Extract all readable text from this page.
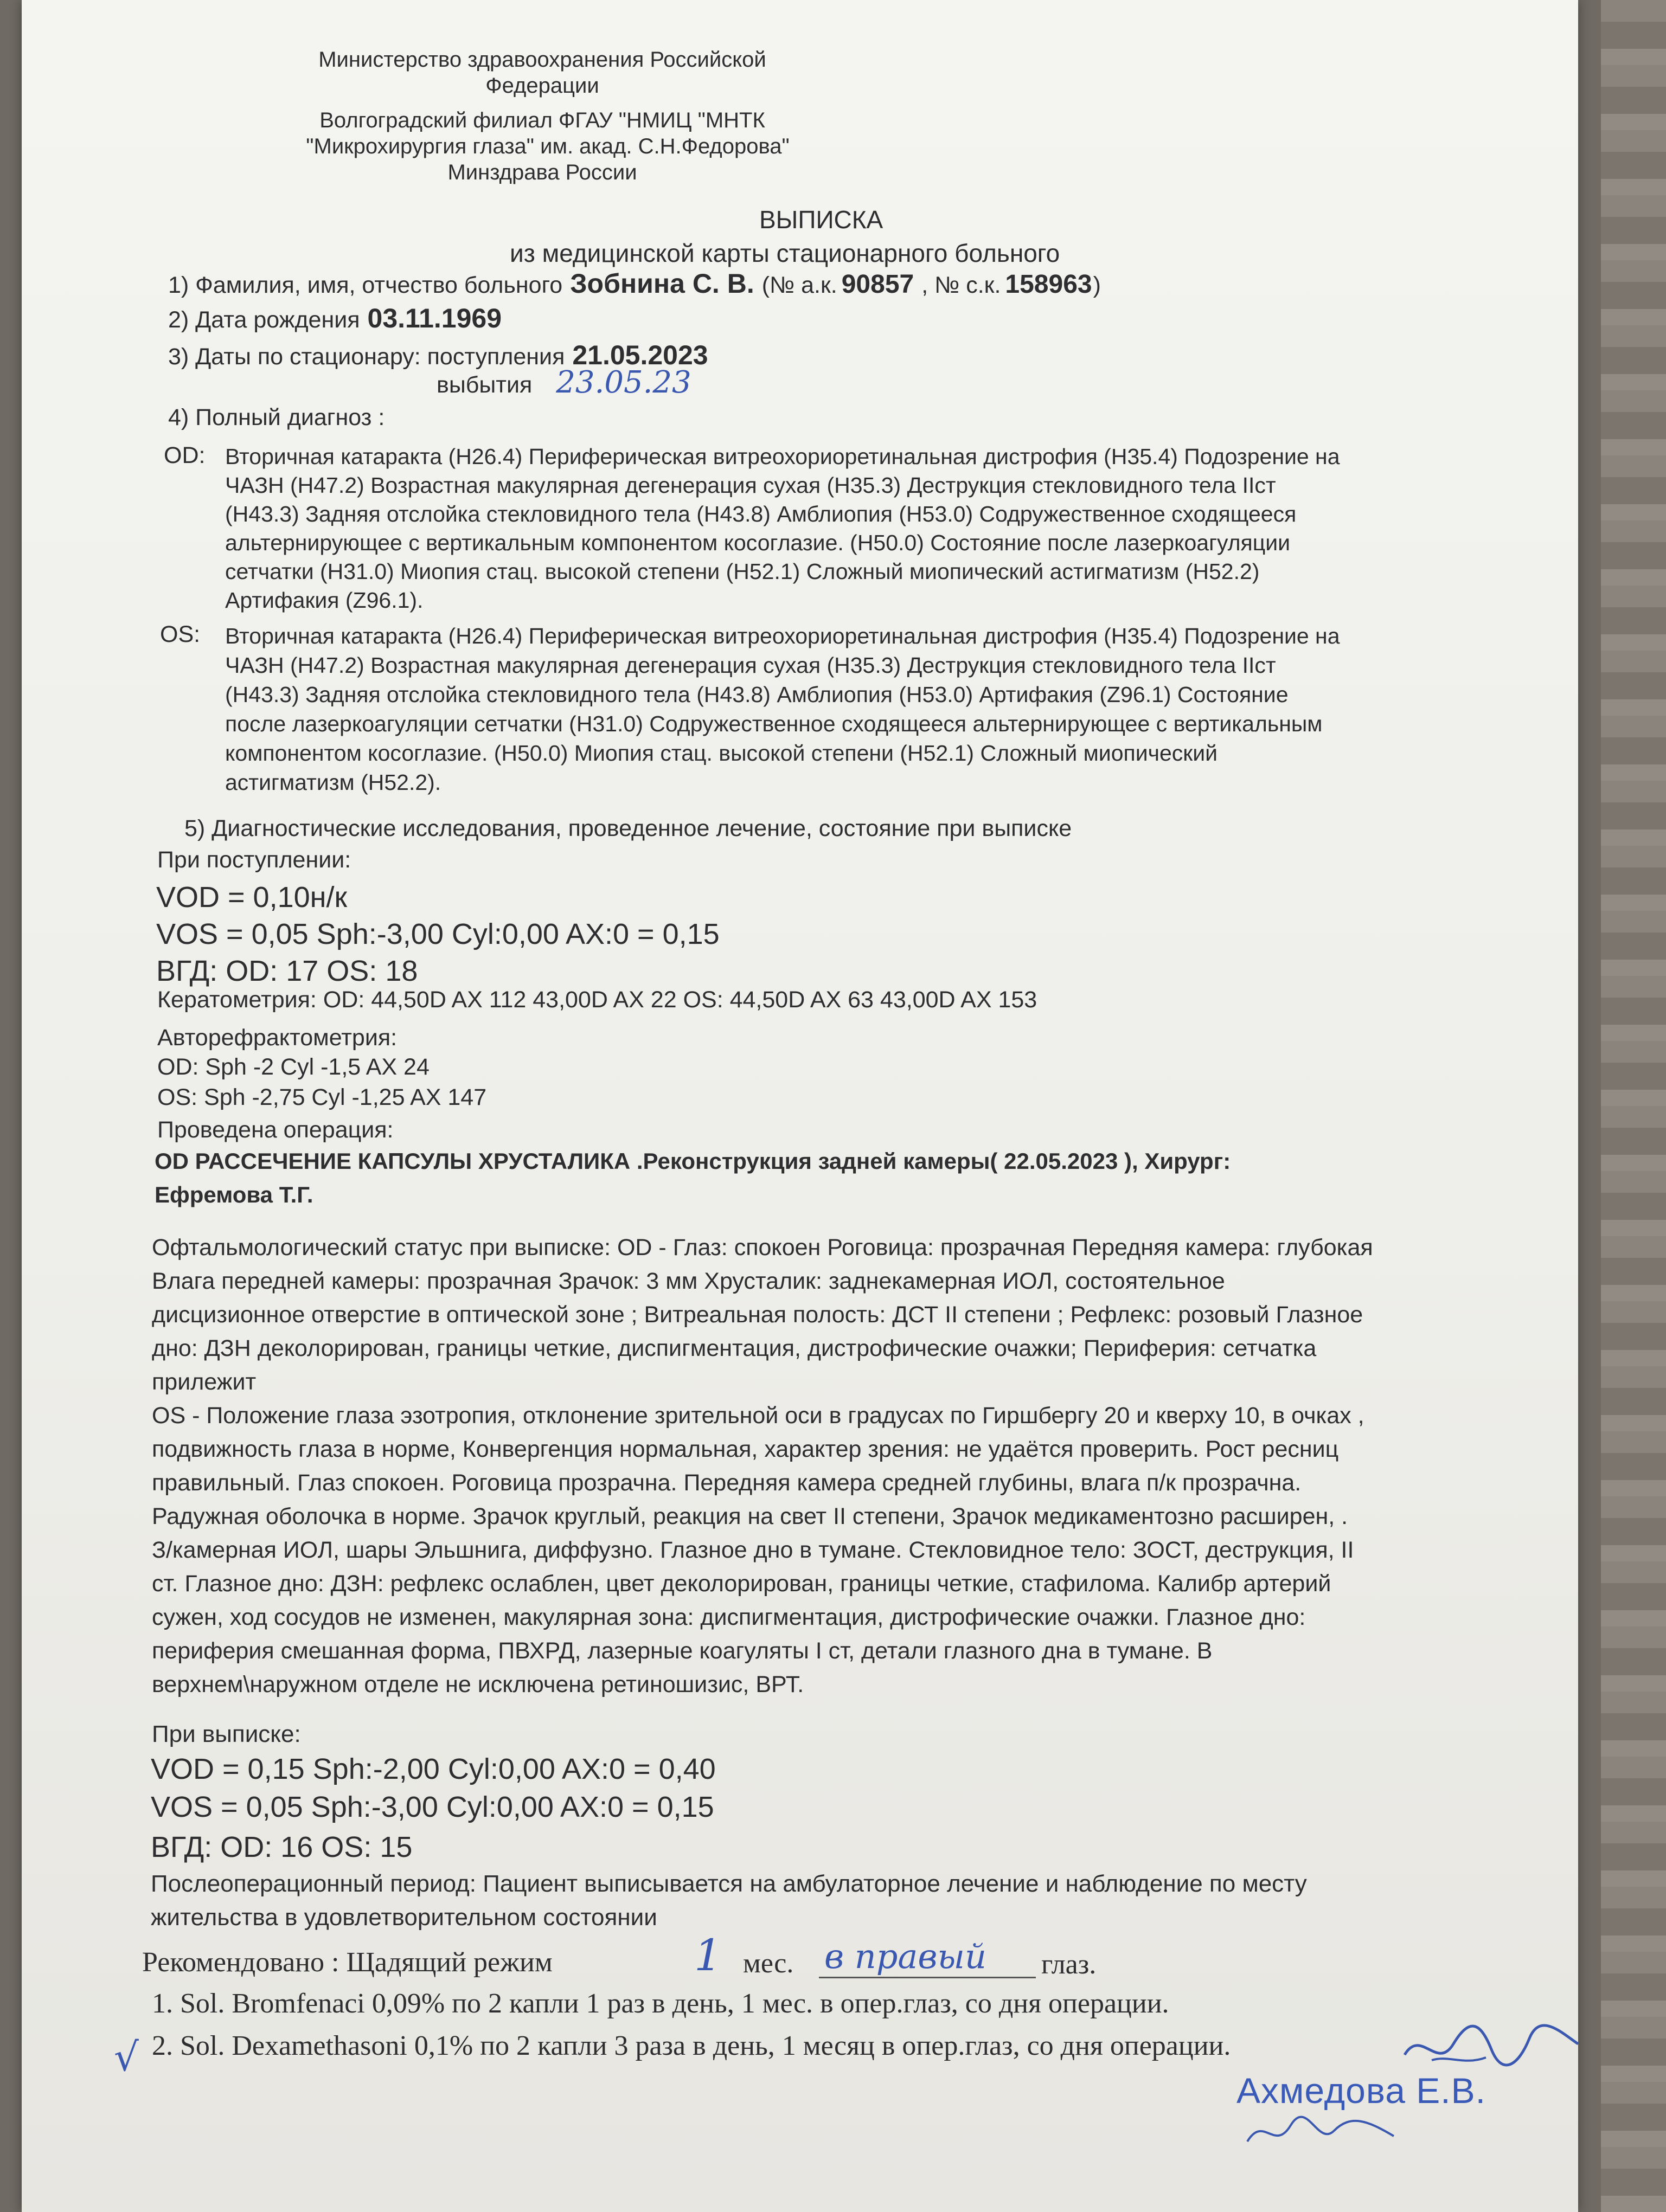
Министерство здравоохранения Российской
Федерации
Волгоградский филиал ФГАУ "НМИЦ "МНТК
"Микрохирургия глаза" им. акад. С.Н.Федорова"
Минздрава России
ВЫПИСКА
из медицинской карты стационарного больного
1) Фамилия, имя, отчество больного Зобнина С. В. (№ а.к. 90857 , № с.к. 158963 )
2) Дата рождения 03.11.1969
3) Даты по стационару: поступления 21.05.2023
выбытия 23.05.23
4) Полный диагноз :
OD: Вторичная катаракта (H26.4) Периферическая витреохориоретинальная дистрофия (H35.4) Подозрение на
ЧАЗН (H47.2) Возрастная макулярная дегенерация сухая (H35.3) Деструкция стекловидного тела IIст
(H43.3) Задняя отслойка стекловидного тела (H43.8) Амблиопия (H53.0) Содружественное сходящееся
альтернирующее с вертикальным компонентом косоглазие. (H50.0) Состояние после лазеркоагуляции
сетчатки (H31.0) Миопия стац. высокой степени (H52.1) Сложный миопический астигматизм (H52.2)
Артифакия (Z96.1).
OS: Вторичная катаракта (H26.4) Периферическая витреохориоретинальная дистрофия (H35.4) Подозрение на
ЧАЗН (H47.2) Возрастная макулярная дегенерация сухая (H35.3) Деструкция стекловидного тела IIст
(H43.3) Задняя отслойка стекловидного тела (H43.8) Амблиопия (H53.0) Артифакия (Z96.1) Состояние
после лазеркоагуляции сетчатки (H31.0) Содружественное сходящееся альтернирующее с вертикальным
компонентом косоглазие. (H50.0) Миопия стац. высокой степени (H52.1) Сложный миопический
астигматизм (H52.2).
5) Диагностические исследования, проведенное лечение, состояние при выписке
При поступлении:
VOD = 0,10н/к
VOS = 0,05 Sph:-3,00 Cyl:0,00 AX:0 = 0,15
ВГД: OD: 17 OS: 18
Кератометрия: OD: 44,50D AX 112 43,00D AX 22 OS: 44,50D AX 63 43,00D AX 153
Авторефрактометрия:
OD: Sph -2 Cyl -1,5 AX 24
OS: Sph -2,75 Cyl -1,25 AX 147
Проведена операция:
OD РАССЕЧЕНИЕ КАПСУЛЫ ХРУСТАЛИКА .Реконструкция задней камеры( 22.05.2023 ), Хирург:
Ефремова Т.Г.
Офтальмологический статус при выписке: OD - Глаз: спокоен Роговица: прозрачная Передняя камера: глубокая
Влага передней камеры: прозрачная Зрачок: 3 мм Хрусталик: заднекамерная ИОЛ, состоятельное
дисцизионное отверстие в оптической зоне ; Витреальная полость: ДСТ II степени ; Рефлекс: розовый Глазное
дно: ДЗН деколорирован, границы четкие, диспигментация, дистрофические очажки; Периферия: сетчатка
прилежит
OS - Положение глаза эзотропия, отклонение зрительной оси в градусах по Гиршбергу 20 и кверху 10, в очках ,
подвижность глаза в норме, Конвергенция нормальная, характер зрения: не удаётся проверить. Рост ресниц
правильный. Глаз спокоен. Роговица прозрачна. Передняя камера средней глубины, влага п/к прозрачна.
Радужная оболочка в норме. Зрачок круглый, реакция на свет II степени, Зрачок медикаментозно расширен, .
З/камерная ИОЛ, шары Эльшнига, диффузно. Глазное дно в тумане. Стекловидное тело: ЗОСТ, деструкция, II
ст. Глазное дно: ДЗН: рефлекс ослаблен, цвет деколорирован, границы четкие, стафилома. Калибр артерий
сужен, ход сосудов не изменен, макулярная зона: диспигментация, дистрофические очажки. Глазное дно:
периферия смешанная форма, ПВХРД, лазерные коагуляты I ст, детали глазного дна в тумане. В
верхнем\наружном отделе не исключена ретиношизис, ВРТ.
При выписке:
VOD = 0,15 Sph:-2,00 Cyl:0,00 AX:0 = 0,40
VOS = 0,05 Sph:-3,00 Cyl:0,00 AX:0 = 0,15
ВГД: OD: 16 OS: 15
Послеоперационный период: Пациент выписывается на амбулаторное лечение и наблюдение по месту
жительства в удовлетворительном состоянии
Рекомендовано : Щадящий режим	1 мес. в правый глаз.
1. Sol. Bromfenaci 0,09% по 2 капли 1 раз в день, 1 мес. в опер.глаз, со дня операции.
√ 2. Sol. Dexamethasoni 0,1% по 2 капли 3 раза в день, 1 месяц в опер.глаз, со дня операции.
Ахмедова Е.В.
